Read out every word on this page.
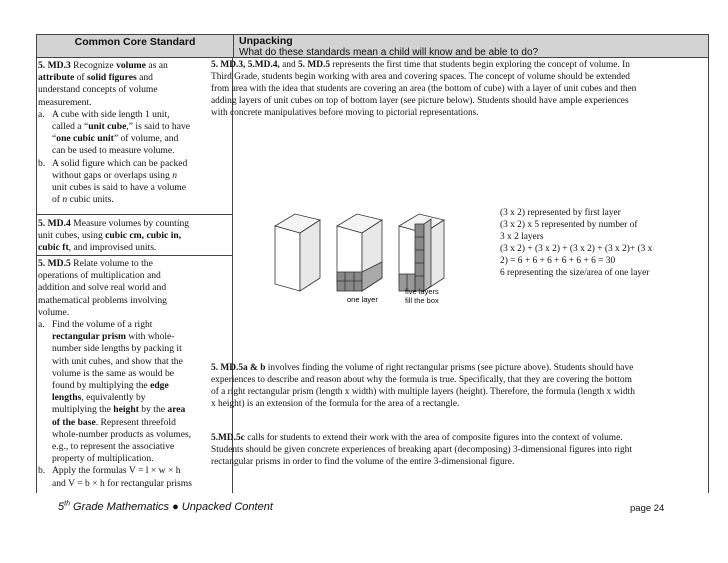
Common Core Standard	Unpacking
What do these standards mean a child will know and be able to do?

5. MD.3 Recognize volume as an

attribute of solid figures and

understand concepts of volume

measurement.

a. A cube with side length 1 unit,

called a “unit cube,” is said to have

“one cubic unit” of volume, and

can be used to measure volume.

b. A solid figure which can be packed

without gaps or overlaps using n

unit cubes is said to have a volume

of n cubic units.

5. MD.4 Measure volumes by counting

unit cubes, using cubic cm, cubic in,

cubic ft, and improvised units.

5. MD.5 Relate volume to the

operations of multiplication and

addition and solve real world and

mathematical problems involving

volume.

a. Find the volume of a right

rectangular prism with whole-

number side lengths by packing it

with unit cubes, and show that the

volume is the same as would be

found by multiplying the edge

lengths, equivalently by

multiplying the height by the area

of the base. Represent threefold

whole-number products as volumes,

e.g., to represent the associative

property of multiplication.

b. Apply the formulas V = l × w × h

and V = b × h for rectangular prisms

5. MD.3, 5.MD.4, and 5. MD.5 represents the first time that students begin exploring the concept of volume. In

Third Grade, students begin working with area and covering spaces. The concept of volume should be extended

from area with the idea that students are covering an area (the bottom of cube) with a layer of unit cubes and then

adding layers of unit cubes on top of bottom layer (see picture below). Students should have ample experiences

with concrete manipulatives before moving to pictorial representations.

one layer
five layers
fill the box

(3 x 2) represented by first layer

(3 x 2) x 5 represented by number of

3 x 2 layers

(3 x 2) + (3 x 2) + (3 x 2) + (3 x 2)+ (3 x

2) = 6 + 6 + 6 + 6 + 6 + 6 = 30

6 representing the size/area of one layer

5. MD.5a & b involves finding the volume of right rectangular prisms (see picture above). Students should have

experiences to describe and reason about why the formula is true. Specifically, that they are covering the bottom

of a right rectangular prism (length x width) with multiple layers (height). Therefore, the formula (length x width

x height) is an extension of the formula for the area of a rectangle.

5.MD.5c calls for students to extend their work with the area of composite figures into the context of volume.

Students should be given concrete experiences of breaking apart (decomposing) 3-dimensional figures into right

rectangular prisms in order to find the volume of the entire 3-dimensional figure.

5th Grade Mathematics ● Unpacked Content	page 24
